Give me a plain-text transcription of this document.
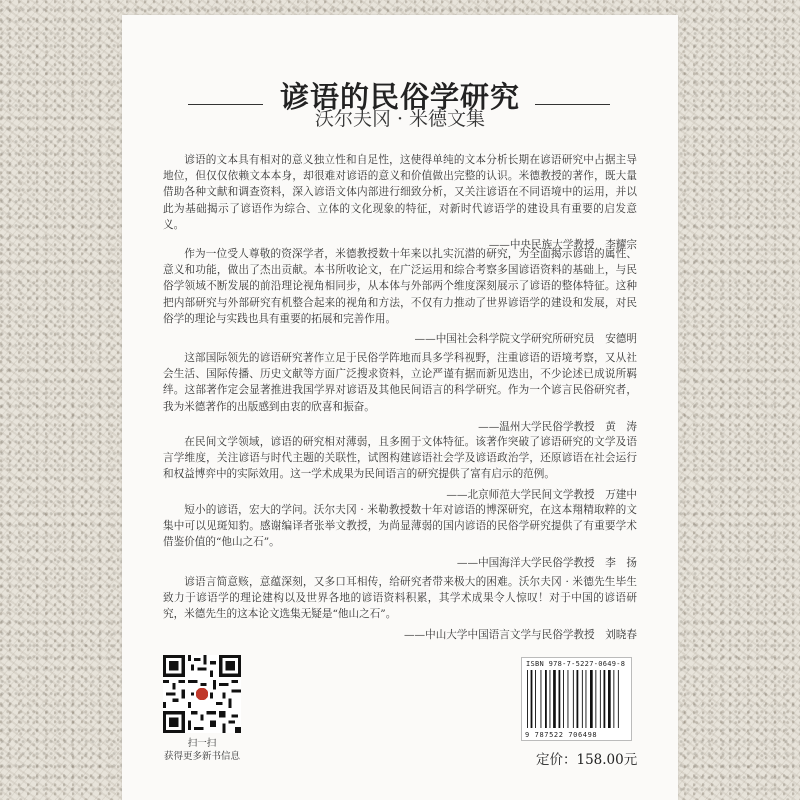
谚语的民俗学研究
沃尔夫冈 · 米德文集

谚语的文本具有相对的意义独立性和自足性，这使得单纯的文本分析长期在谚语研究中占据主导地位，但仅仅依赖文本本身，却很难对谚语的意义和价值做出完整的认识。米德教授的著作，既大量借助各种文献和调查资料，深入谚语文体内部进行细致分析，又关注谚语在不同语境中的运用，并以此为基础揭示了谚语作为综合、立体的文化现象的特征，对新时代谚语学的建设具有重要的启发意义。

——中央民族大学教授　李耀宗

作为一位受人尊敬的资深学者，米德教授数十年来以扎实沉潜的研究，为全面揭示谚语的属性、意义和功能，做出了杰出贡献。本书所收论文，在广泛运用和综合考察多国谚语资料的基础上，与民俗学领域不断发展的前沿理论视角相同步，从本体与外部两个维度深刻展示了谚语的整体特征。这种把内部研究与外部研究有机整合起来的视角和方法，不仅有力推动了世界谚语学的建设和发展，对民俗学的理论与实践也具有重要的拓展和完善作用。

——中国社会科学院文学研究所研究员　安德明

这部国际领先的谚语研究著作立足于民俗学阵地而具多学科视野，注重谚语的语境考察，又从社会生活、国际传播、历史文献等方面广泛搜求资料，立论严谨有据而新见迭出，不少论述已成说所羁绊。这部著作定会显著推进我国学界对谚语及其他民间语言的科学研究。作为一个谚言民俗研究者，我为米德著作的出版感到由衷的欣喜和振奋。

——温州大学民俗学教授　黄　涛

在民间文学领域，谚语的研究相对薄弱，且多囿于文体特征。该著作突破了谚语研究的文学及语言学维度，关注谚语与时代主题的关联性，试图构建谚语社会学及谚语政治学，还原谚语在社会运行和权益博弈中的实际效用。这一学术成果为民间语言的研究提供了富有启示的范例。

——北京师范大学民间文学教授　万建中

短小的谚语，宏大的学问。沃尔夫冈 · 米勒教授数十年对谚语的博深研究，在这本翔精取粹的文集中可以见斑知豹。感谢编译者张举文教授，为尚显薄弱的国内谚语的民俗学研究提供了有重要学术借鉴价值的“他山之石”。

——中国海洋大学民俗学教授　李　扬

谚语言简意赅，意蕴深刻，又多口耳相传，给研究者带来极大的困难。沃尔夫冈 · 米德先生毕生致力于谚语学的理论建构以及世界各地的谚语资料积累，其学术成果令人惊叹！对于中国的谚语研究，米德先生的这本论文选集无疑是“他山之石”。

——中山大学中国语言文学与民俗学教授　刘晓春
扫一扫
获得更多新书信息
ISBN 978-7-5227-0649-8
9 787522 706498
定价：158.00元
